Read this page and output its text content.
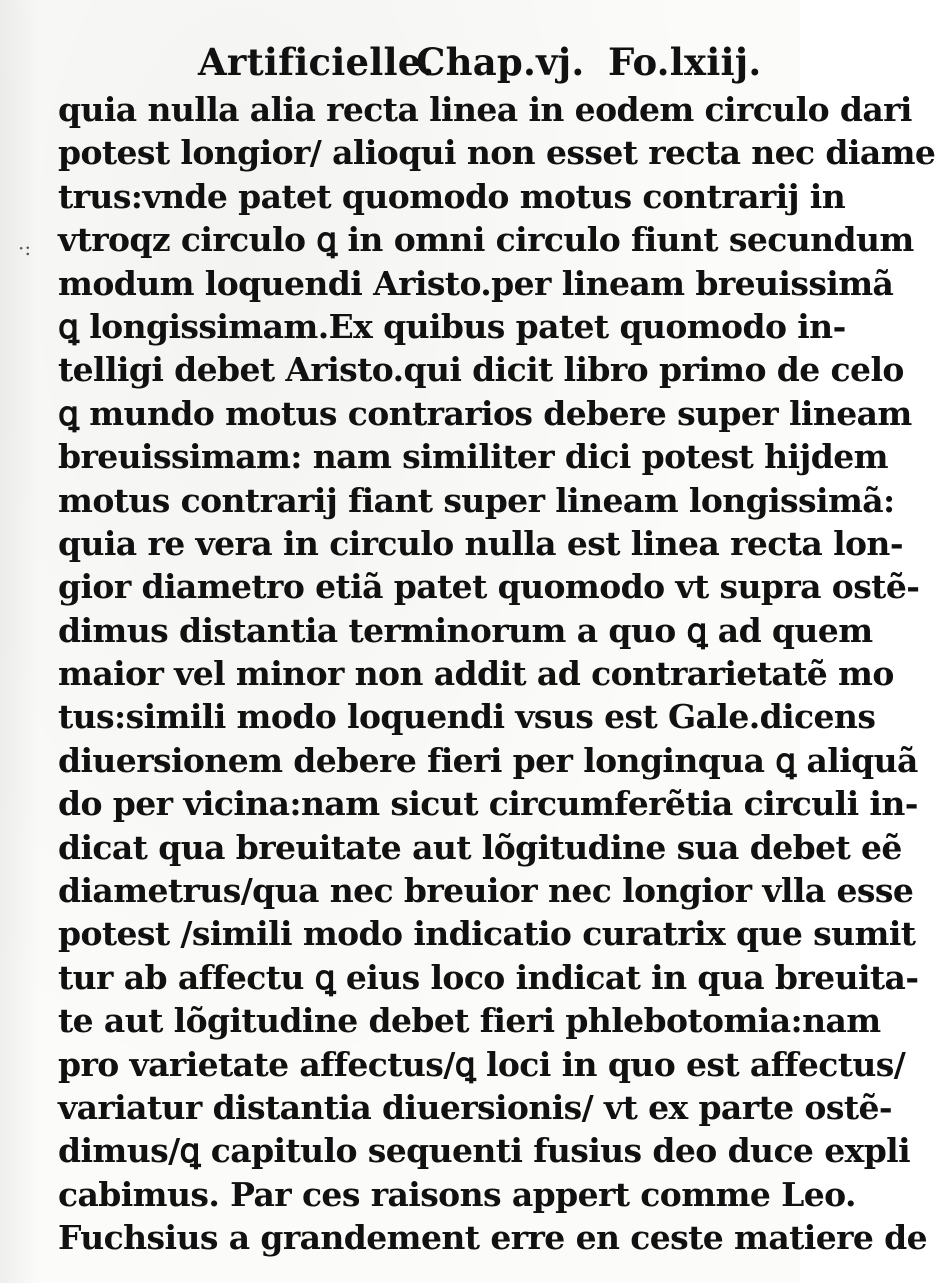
Artificielle.
Chap.vj. Fo.lxiij.
·:
quia nulla alia recta linea in eodem circulo dari
potest longior/ alioqui non esset recta nec diame
trus:vnde patet quomodo motus contrarij in
vtroqz circulo ꝗ in omni circulo fiunt secundum
modum loquendi Aristo.per lineam breuissimã
ꝗ longissimam.Ex quibus patet quomodo in-
telligi debet Aristo.qui dicit libro primo de celo
ꝗ mundo motus contrarios debere super lineam
breuissimam: nam similiter dici potest hijdem
motus contrarij fiant super lineam longissimã:
quia re vera in circulo nulla est linea recta lon-
gior diametro etiã patet quomodo vt supra ostẽ-
dimus distantia terminorum a quo ꝗ ad quem
maior vel minor non addit ad contrarietatẽ mo
tus:simili modo loquendi vsus est Gale.dicens
diuersionem debere fieri per longinqua ꝗ aliquã
do per vicina:nam sicut circumferẽtia circuli in-
dicat qua breuitate aut lõgitudine sua debet eẽ
diametrus/qua nec breuior nec longior vlla esse
potest /simili modo indicatio curatrix que sumit
tur ab affectu ꝗ eius loco indicat in qua breuita-
te aut lõgitudine debet fieri phlebotomia:nam
pro varietate affectus/ꝗ loci in quo est affectus/
variatur distantia diuersionis/ vt ex parte ostẽ-
dimus/ꝗ capitulo sequenti fusius deo duce expli
cabimus. Par ces raisons appert comme Leo.
Fuchsius a grandement erre en ceste matiere de
